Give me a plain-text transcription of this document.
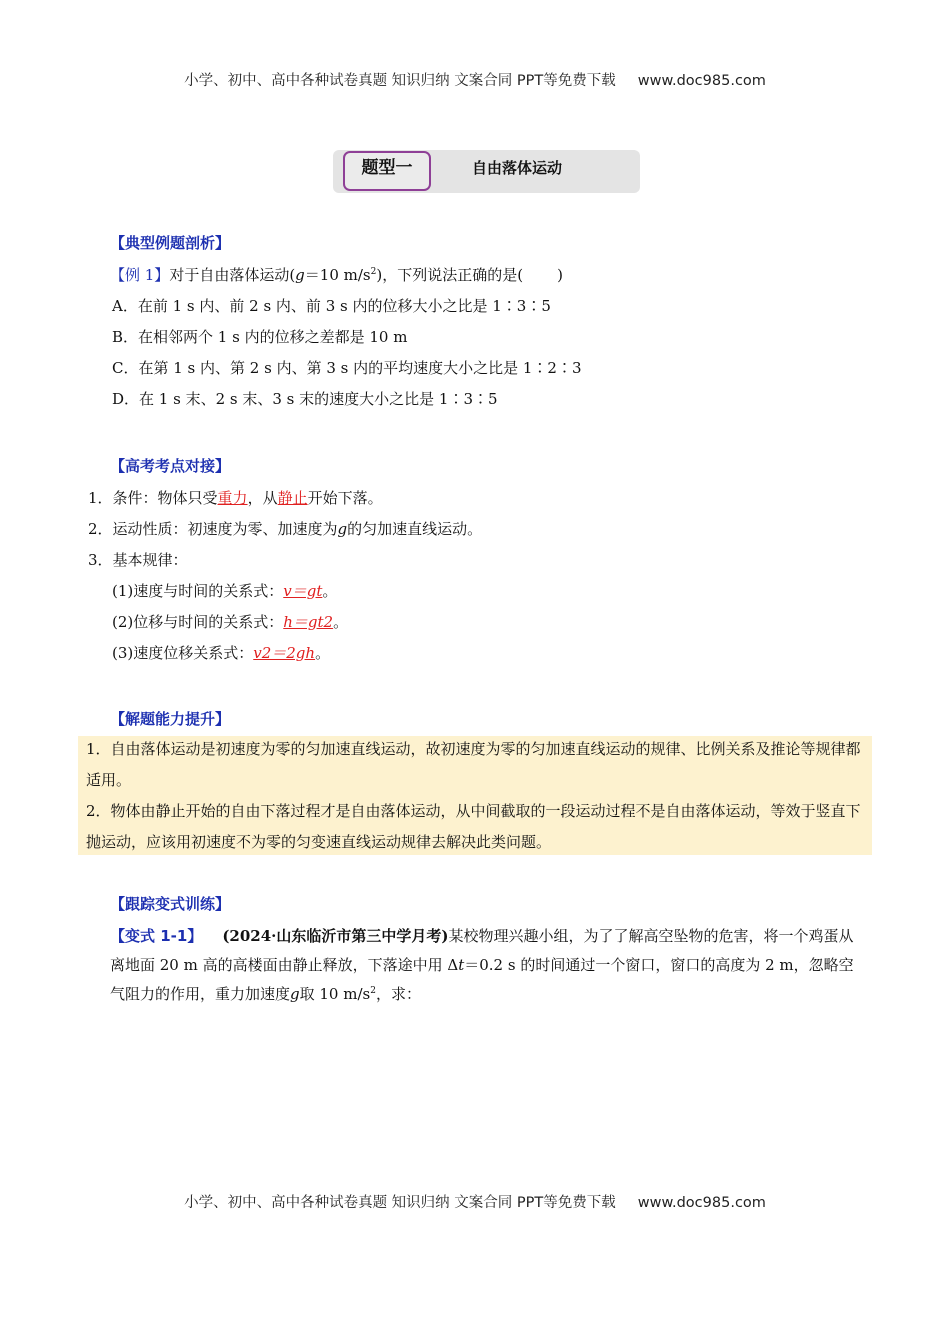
小学、初中、高中各种试卷真题 知识归纳 文案合同 PPT等免费下载 www.doc985.com
题型一	自由落体运动
【典型例题剖析】
【例 1】对于自由落体运动(g＝10 $m/s^2$)，下列说法正确的是( )
A．在前 1 s 内、前 2 s 内、前 3 s 内的位移大小之比是 1∶3∶5
B．在相邻两个 1 s 内的位移之差都是 10 m
C．在第 1 s 内、第 2 s 内、第 3 s 内的平均速度大小之比是 1∶2∶3
D．在 1 s 末、2 s 末、3 s 末的速度大小之比是 1∶3∶5
【高考考点对接】
1．条件：物体只受重力，从静止开始下落。
2．运动性质：初速度为零、加速度为g的匀加速直线运动。
3．基本规律：
(1)速度与时间的关系式：v＝gt。
(2)位移与时间的关系式：h＝gt2。
(3)速度位移关系式：v2＝2gh。
【解题能力提升】
1．自由落体运动是初速度为零的匀加速直线运动，故初速度为零的匀加速直线运动的规律、比例关系及推论等规律都适用。
2．物体由静止开始的自由下落过程才是自由落体运动，从中间截取的一段运动过程不是自由落体运动，等效于竖直下抛运动，应该用初速度不为零的匀变速直线运动规律去解决此类问题。
【跟踪变式训练】
【变式 1-1】 (2024·山东临沂市第三中学月考)某校物理兴趣小组，为了了解高空坠物的危害，将一个鸡蛋从离地面 20 m 高的高楼面由静止释放，下落途中用 Δt＝0.2 s 的时间通过一个窗口，窗口的高度为 2 m，忽略空气阻力的作用，重力加速度g取 10 $m/s^2$，求：
小学、初中、高中各种试卷真题 知识归纳 文案合同 PPT等免费下载 www.doc985.com
